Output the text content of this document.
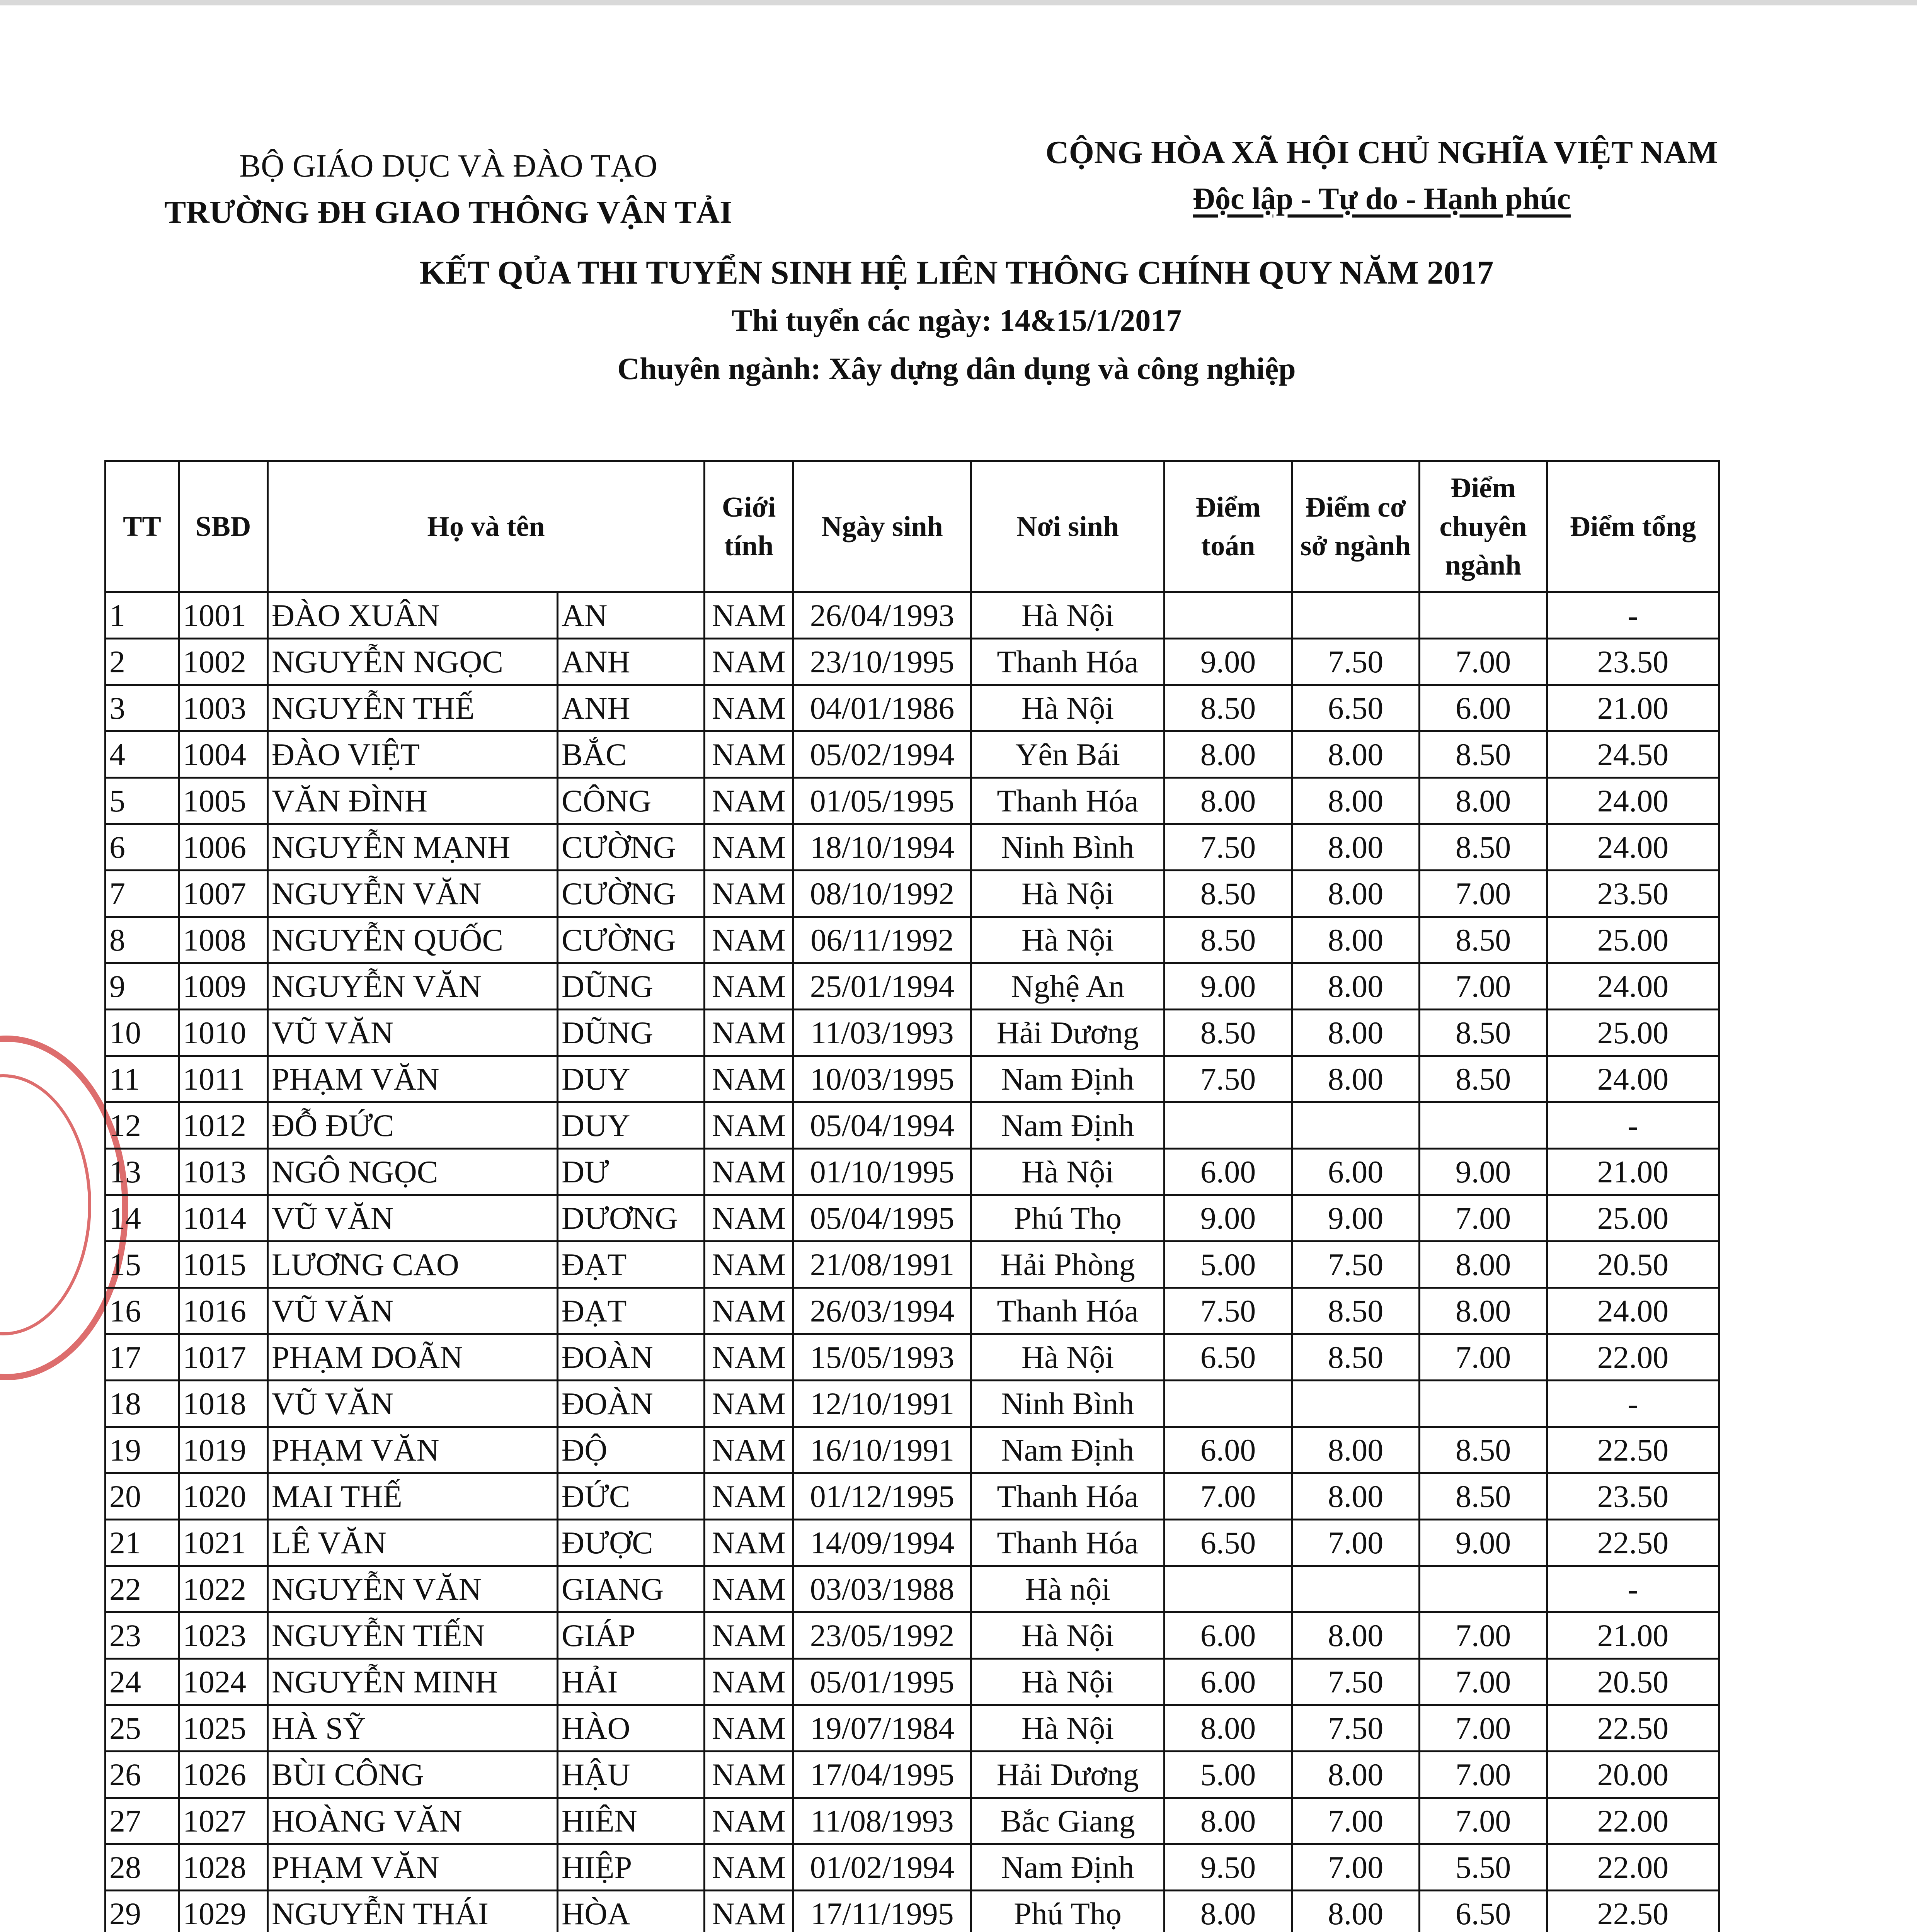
BỘ GIÁO DỤC VÀ ĐÀO TẠO
TRƯỜNG ĐH GIAO THÔNG VẬN TẢI
CỘNG HÒA XÃ HỘI CHỦ NGHĨA VIỆT NAM
Độc lập - Tự do - Hạnh phúc
KẾT QỦA THI TUYỂN SINH HỆ LIÊN THÔNG CHÍNH QUY NĂM 2017
Thi tuyển các ngày: 14&15/1/2017
Chuyên ngành: Xây dựng dân dụng và công nghiệp
TT	SBD	Họ và tên		Giới tính	Ngày sinh	Nơi sinh	Điểm toán	Điểm cơ sở ngành	Điểm chuyên ngành	Điểm tổng
1	1001	ĐÀO XUÂN	AN	NAM	26/04/1993	Hà Nội				-
2	1002	NGUYỄN NGỌC	ANH	NAM	23/10/1995	Thanh Hóa	9.00	7.50	7.00	23.50
3	1003	NGUYỄN THẾ	ANH	NAM	04/01/1986	Hà Nội	8.50	6.50	6.00	21.00
4	1004	ĐÀO VIỆT	BẮC	NAM	05/02/1994	Yên Bái	8.00	8.00	8.50	24.50
5	1005	VĂN ĐÌNH	CÔNG	NAM	01/05/1995	Thanh Hóa	8.00	8.00	8.00	24.00
6	1006	NGUYỄN MẠNH	CƯỜNG	NAM	18/10/1994	Ninh Bình	7.50	8.00	8.50	24.00
7	1007	NGUYỄN VĂN	CƯỜNG	NAM	08/10/1992	Hà Nội	8.50	8.00	7.00	23.50
8	1008	NGUYỄN QUỐC	CƯỜNG	NAM	06/11/1992	Hà Nội	8.50	8.00	8.50	25.00
9	1009	NGUYỄN VĂN	DŨNG	NAM	25/01/1994	Nghệ An	9.00	8.00	7.00	24.00
10	1010	VŨ VĂN	DŨNG	NAM	11/03/1993	Hải Dương	8.50	8.00	8.50	25.00
11	1011	PHẠM VĂN	DUY	NAM	10/03/1995	Nam Định	7.50	8.00	8.50	24.00
12	1012	ĐỖ ĐỨC	DUY	NAM	05/04/1994	Nam Định				-
13	1013	NGÔ NGỌC	DƯ	NAM	01/10/1995	Hà Nội	6.00	6.00	9.00	21.00
14	1014	VŨ VĂN	DƯƠNG	NAM	05/04/1995	Phú Thọ	9.00	9.00	7.00	25.00
15	1015	LƯƠNG CAO	ĐẠT	NAM	21/08/1991	Hải Phòng	5.00	7.50	8.00	20.50
16	1016	VŨ VĂN	ĐẠT	NAM	26/03/1994	Thanh Hóa	7.50	8.50	8.00	24.00
17	1017	PHẠM DOÃN	ĐOÀN	NAM	15/05/1993	Hà Nội	6.50	8.50	7.00	22.00
18	1018	VŨ VĂN	ĐOÀN	NAM	12/10/1991	Ninh Bình				-
19	1019	PHẠM VĂN	ĐỘ	NAM	16/10/1991	Nam Định	6.00	8.00	8.50	22.50
20	1020	MAI THẾ	ĐỨC	NAM	01/12/1995	Thanh Hóa	7.00	8.00	8.50	23.50
21	1021	LÊ VĂN	ĐƯỢC	NAM	14/09/1994	Thanh Hóa	6.50	7.00	9.00	22.50
22	1022	NGUYỄN VĂN	GIANG	NAM	03/03/1988	Hà nội				-
23	1023	NGUYỄN TIẾN	GIÁP	NAM	23/05/1992	Hà Nội	6.00	8.00	7.00	21.00
24	1024	NGUYỄN MINH	HẢI	NAM	05/01/1995	Hà Nội	6.00	7.50	7.00	20.50
25	1025	HÀ SỸ	HÀO	NAM	19/07/1984	Hà Nội	8.00	7.50	7.00	22.50
26	1026	BÙI CÔNG	HẬU	NAM	17/04/1995	Hải Dương	5.00	8.00	7.00	20.00
27	1027	HOÀNG VĂN	HIÊN	NAM	11/08/1993	Bắc Giang	8.00	7.00	7.00	22.00
28	1028	PHẠM VĂN	HIỆP	NAM	01/02/1994	Nam Định	9.50	7.00	5.50	22.00
29	1029	NGUYỄN THÁI	HÒA	NAM	17/11/1995	Phú Thọ	8.00	8.00	6.50	22.50
